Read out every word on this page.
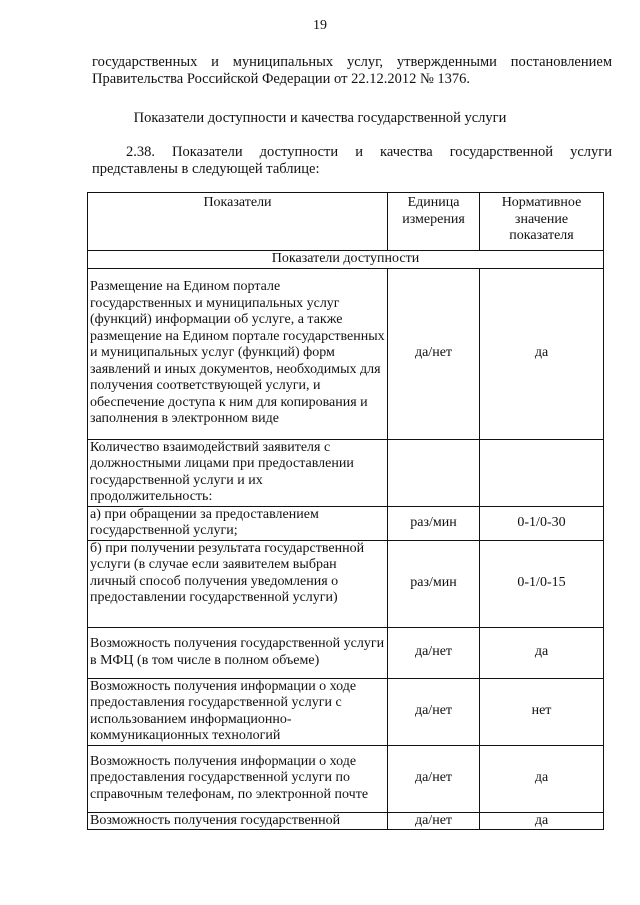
19
государственных и муниципальных услуг, утвержденными постановлением Правительства Российской Федерации от 22.12.2012 № 1376.
Показатели доступности и качества государственной услуги
2.38. Показатели доступности и качества государственной услуги представлены в следующей таблице:
Показатели	Единица измерения	Нормативное значение показателя
Показатели доступности		
Размещение на Едином портале государственных и муниципальных услуг (функций) информации об услуге, а также размещение на Едином портале государственных и муниципальных услуг (функций) форм заявлений и иных документов, необходимых для получения соответствующей услуги, и обеспечение доступа к ним для копирования и заполнения в электронном виде	да/нет	да
Количество взаимодействий заявителя с должностными лицами при предоставлении государственной услуги и их продолжительность:		
а) при обращении за предоставлением государственной услуги;	раз/мин	0-1/0-30
б) при получении результата государственной услуги (в случае если заявителем выбран личный способ получения уведомления о предоставлении государственной услуги)	раз/мин	0-1/0-15
Возможность получения государственной услуги в МФЦ (в том числе в полном объеме)	да/нет	да
Возможность получения информации о ходе предоставления государственной услуги с использованием информационно-коммуникационных технологий	да/нет	нет
Возможность получения информации о ходе предоставления государственной услуги по справочным телефонам, по электронной почте	да/нет	да
Возможность получения государственной	да/нет	да
